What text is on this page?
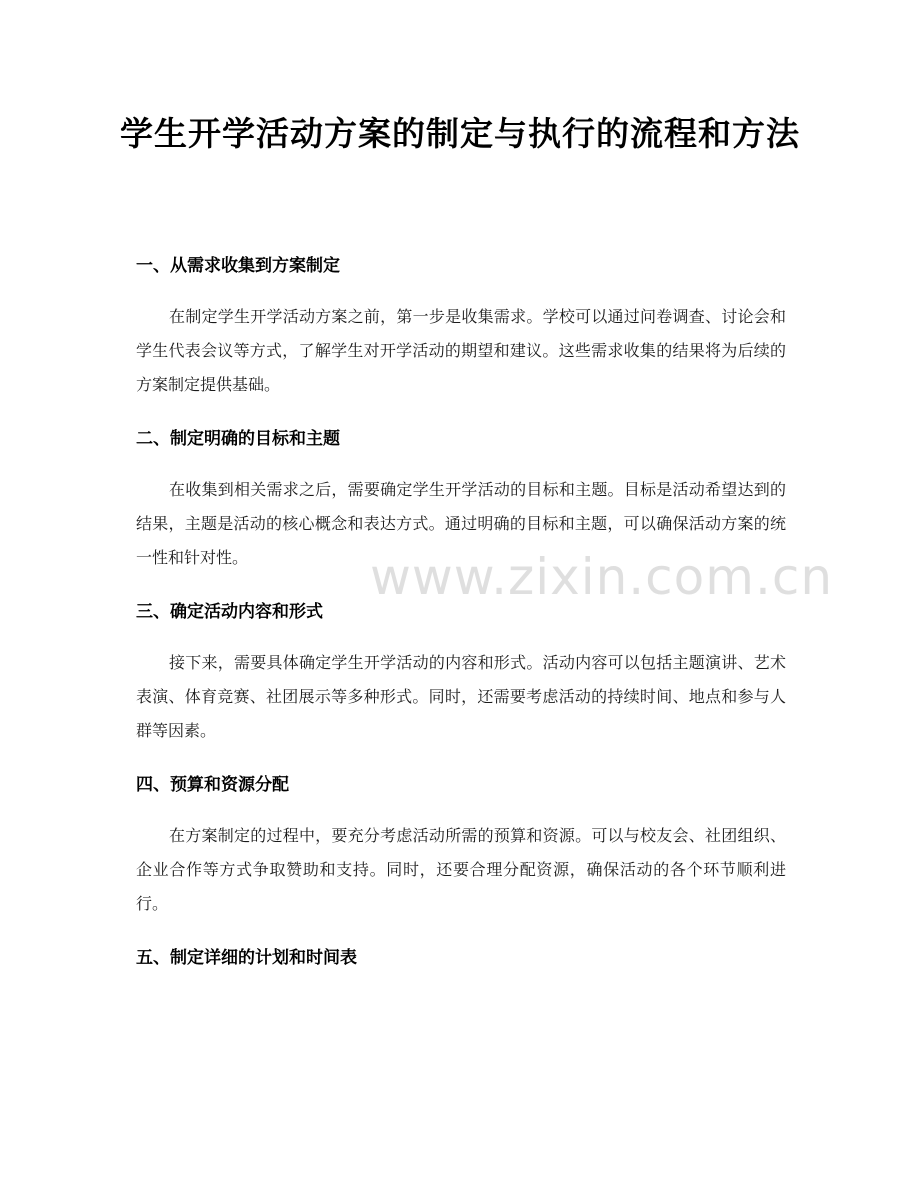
学生开学活动方案的制定与执行的流程和方法
一、从需求收集到方案制定

在制定学生开学活动方案之前，第一步是收集需求。学校可以通过问卷调查、讨论会和学生代表会议等方式，了解学生对开学活动的期望和建议。这些需求收集的结果将为后续的方案制定提供基础。

二、制定明确的目标和主题

在收集到相关需求之后，需要确定学生开学活动的目标和主题。目标是活动希望达到的结果，主题是活动的核心概念和表达方式。通过明确的目标和主题，可以确保活动方案的统一性和针对性。

三、确定活动内容和形式

接下来，需要具体确定学生开学活动的内容和形式。活动内容可以包括主题演讲、艺术表演、体育竞赛、社团展示等多种形式。同时，还需要考虑活动的持续时间、地点和参与人群等因素。

四、预算和资源分配

在方案制定的过程中，要充分考虑活动所需的预算和资源。可以与校友会、社团组织、企业合作等方式争取赞助和支持。同时，还要合理分配资源，确保活动的各个环节顺利进行。

五、制定详细的计划和时间表
www.zixin.com.cn
